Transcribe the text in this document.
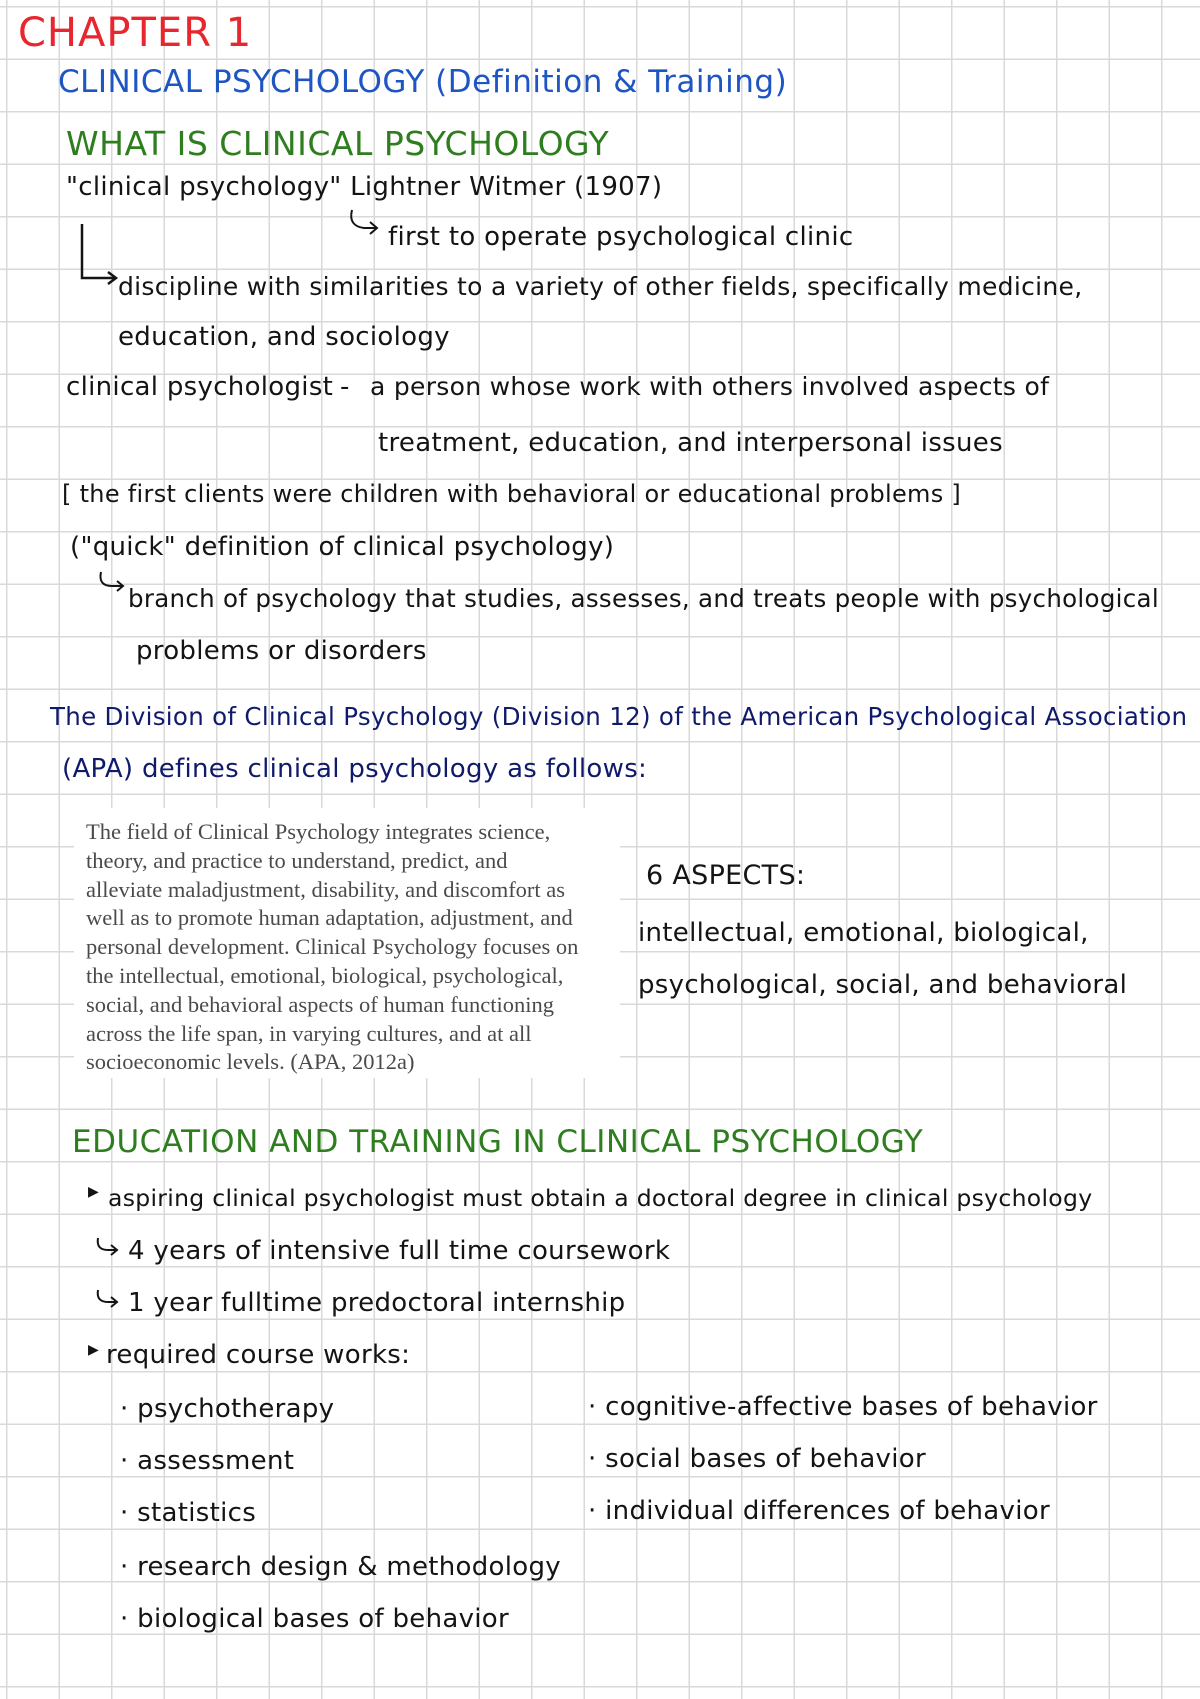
CHAPTER 1
CLINICAL PSYCHOLOGY (Definition & Training)
WHAT IS CLINICAL PSYCHOLOGY
"clinical psychology" Lightner Witmer (1907)
first to operate psychological clinic
discipline with similarities to a variety of other fields, specifically medicine,
education, and sociology
clinical psychologist - a person whose work with others involved aspects of
treatment, education, and interpersonal issues
[ the first clients were children with behavioral or educational problems ]
("quick" definition of clinical psychology)
branch of psychology that studies, assesses, and treats people with psychological
problems or disorders
The Division of Clinical Psychology (Division 12) of the American Psychological Association
(APA) defines clinical psychology as follows:
The field of Clinical Psychology integrates science,
theory, and practice to understand, predict, and
alleviate maladjustment, disability, and discomfort as
well as to promote human adaptation, adjustment, and
personal development. Clinical Psychology focuses on
the intellectual, emotional, biological, psychological,
social, and behavioral aspects of human functioning
across the life span, in varying cultures, and at all
socioeconomic levels. (APA, 2012a)
6 ASPECTS:
intellectual, emotional, biological,
psychological, social, and behavioral
EDUCATION AND TRAINING IN CLINICAL PSYCHOLOGY
▶ aspiring clinical psychologist must obtain a doctoral degree in clinical psychology
4 years of intensive full time coursework
1 year fulltime predoctoral internship
▶ required course works:
· psychotherapy
· assessment
· statistics
· research design & methodology
· biological bases of behavior
· cognitive-affective bases of behavior
· social bases of behavior
· individual differences of behavior
